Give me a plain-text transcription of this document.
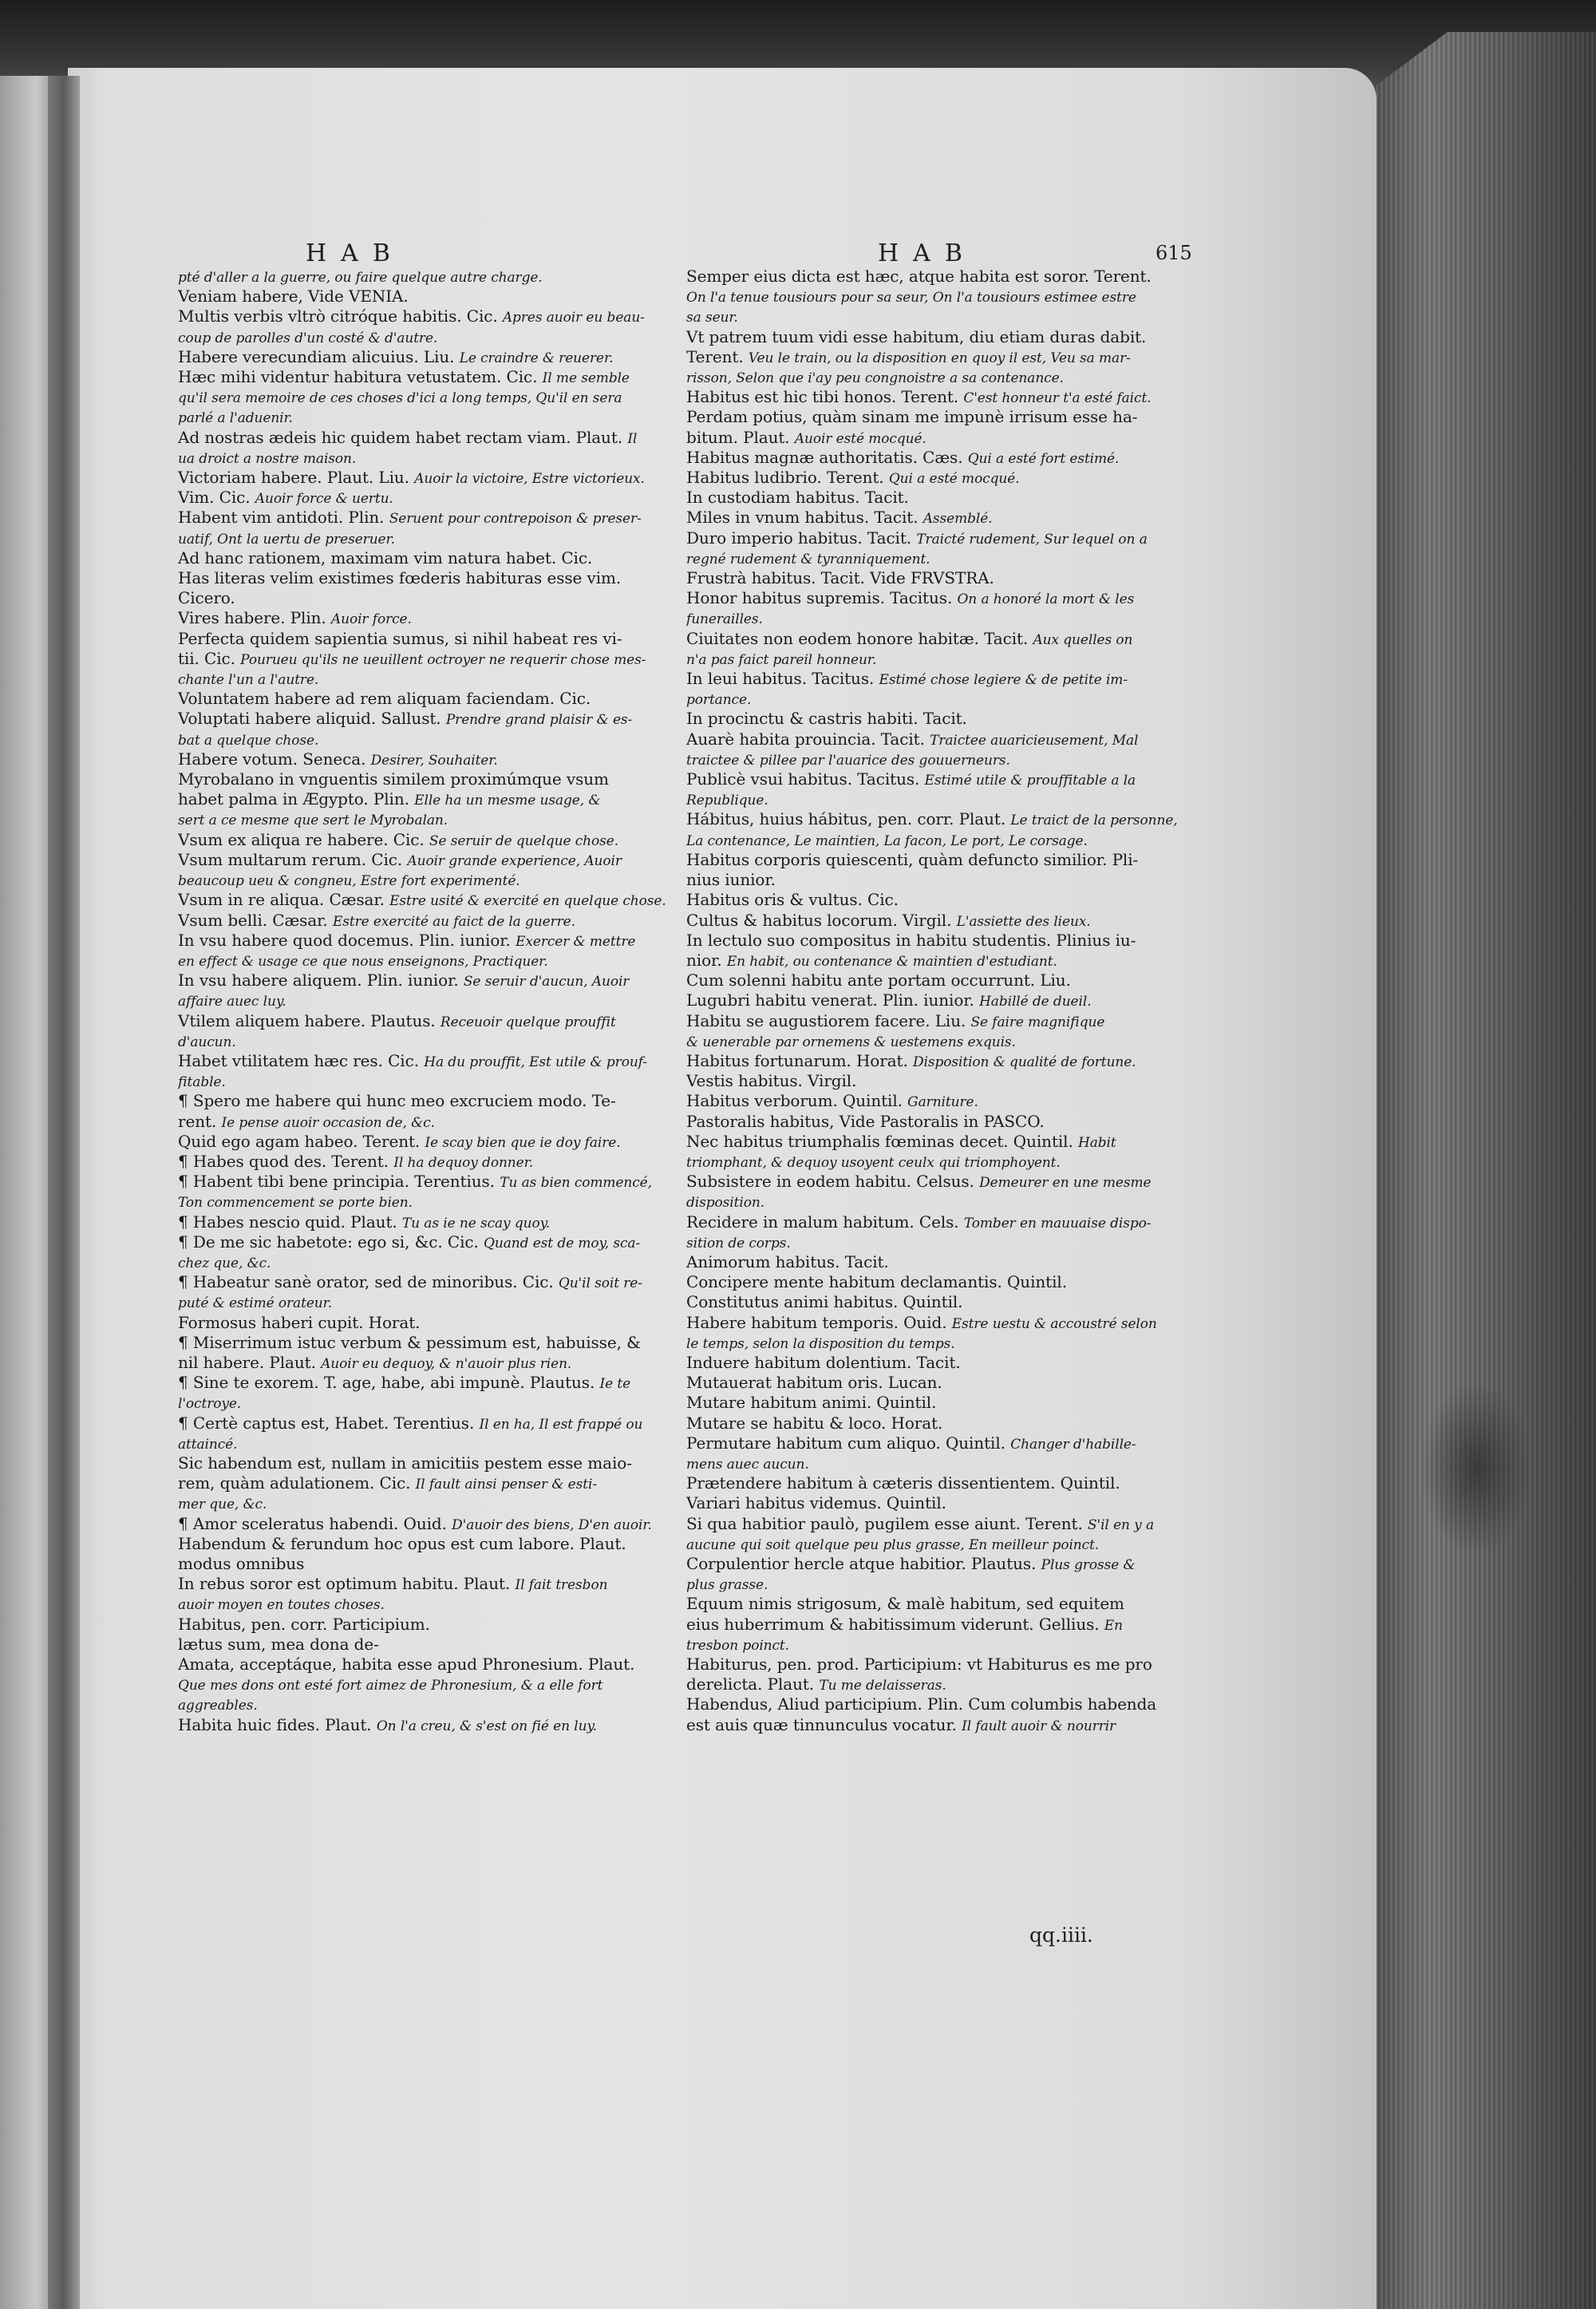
HAB	HAB	615

pté d'aller a la guerre, ou faire quelque autre charge.

Veniam habere, Vide VENIA.

Multis verbis vltrò citróque habitis. Cic. Apres auoir eu beau-

coup de parolles d'un costé & d'autre.

Habere verecundiam alicuius. Liu. Le craindre & reuerer.

Hæc mihi videntur habitura vetustatem. Cic. Il me semble

qu'il sera memoire de ces choses d'ici a long temps, Qu'il en sera

parlé a l'aduenir.

Ad nostras ædeis hic quidem habet rectam viam. Plaut. Il

ua droict a nostre maison.

Victoriam habere. Plaut. Liu. Auoir la victoire, Estre victorieux.

Vim. Cic. Auoir force & uertu.

Habent vim antidoti. Plin. Seruent pour contrepoison & preser-

uatif, Ont la uertu de preseruer.

Ad hanc rationem, maximam vim natura habet. Cic.

Has literas velim existimes fœderis habituras esse vim.

Cicero.

Vires habere. Plin. Auoir force.

Perfecta quidem sapientia sumus, si nihil habeat res vi-

tii. Cic. Pourueu qu'ils ne ueuillent octroyer ne requerir chose mes-

chante l'un a l'autre.

Voluntatem habere ad rem aliquam faciendam. Cic.

Voluptati habere aliquid. Sallust. Prendre grand plaisir & es-

bat a quelque chose.

Habere votum. Seneca. Desirer, Souhaiter.

Myrobalano in vnguentis similem proximúmque vsum

habet palma in Ægypto. Plin. Elle ha un mesme usage, &

sert a ce mesme que sert le Myrobalan.

Vsum ex aliqua re habere. Cic. Se seruir de quelque chose.

Vsum multarum rerum. Cic. Auoir grande experience, Auoir

beaucoup ueu & congneu, Estre fort experimenté.

Vsum in re aliqua. Cæsar. Estre usité & exercité en quelque chose.

Vsum belli. Cæsar. Estre exercité au faict de la guerre.

In vsu habere quod docemus. Plin. iunior. Exercer & mettre

en effect & usage ce que nous enseignons, Practiquer.

In vsu habere aliquem. Plin. iunior. Se seruir d'aucun, Auoir

affaire auec luy.

Vtilem aliquem habere. Plautus. Receuoir quelque prouffit

d'aucun.

Habet vtilitatem hæc res. Cic. Ha du prouffit, Est utile & prouf-

fitable.

¶ Spero me habere qui hunc meo excruciem modo. Te-

rent. Ie pense auoir occasion de, &c.

Quid ego agam habeo. Terent. Ie scay bien que ie doy faire.

¶ Habes quod des. Terent. Il ha dequoy donner.

¶ Habent tibi bene principia. Terentius. Tu as bien commencé,

Ton commencement se porte bien.

¶ Habes nescio quid. Plaut. Tu as ie ne scay quoy.

¶ De me sic habetote: ego si, &c. Cic. Quand est de moy, sca-

chez que, &c.

¶ Habeatur sanè orator, sed de minoribus. Cic. Qu'il soit re-

puté & estimé orateur.

Formosus haberi cupit. Horat.

¶ Miserrimum istuc verbum & pessimum est, habuisse, &

nil habere. Plaut. Auoir eu dequoy, & n'auoir plus rien.

¶ Sine te exorem. T. age, habe, abi impunè. Plautus. Ie te

l'octroye.

¶ Certè captus est, Habet. Terentius. Il en ha, Il est frappé ou

attaincé.

Sic habendum est, nullam in amicitiis pestem esse maio-

rem, quàm adulationem. Cic. Il fault ainsi penser & esti-

mer que, &c.

¶ Amor sceleratus habendi. Ouid. D'auoir des biens, D'en auoir.

Habendum & ferundum hoc opus est cum labore. Plaut.

modus omnibus

In rebus soror est optimum habitu. Plaut. Il fait tresbon

auoir moyen en toutes choses.

Habitus, pen. corr. Participium.

lætus sum, mea dona de-

Amata, acceptáque, habita esse apud Phronesium. Plaut.

Que mes dons ont esté fort aimez de Phronesium, & a elle fort

aggreables.

Habita huic fides. Plaut. On l'a creu, & s'est on fié en luy.

Semper eius dicta est hæc, atque habita est soror. Terent.

On l'a tenue tousiours pour sa seur, On l'a tousiours estimee estre

sa seur.

Vt patrem tuum vidi esse habitum, diu etiam duras dabit.

Terent. Veu le train, ou la disposition en quoy il est, Veu sa mar-

risson, Selon que i'ay peu congnoistre a sa contenance.

Habitus est hic tibi honos. Terent. C'est honneur t'a esté faict.

Perdam potius, quàm sinam me impunè irrisum esse ha-

bitum. Plaut. Auoir esté mocqué.

Habitus magnæ authoritatis. Cæs. Qui a esté fort estimé.

Habitus ludibrio. Terent. Qui a esté mocqué.

In custodiam habitus. Tacit.

Miles in vnum habitus. Tacit. Assemblé.

Duro imperio habitus. Tacit. Traicté rudement, Sur lequel on a

regné rudement & tyranniquement.

Frustrà habitus. Tacit. Vide FRVSTRA.

Honor habitus supremis. Tacitus. On a honoré la mort & les

funerailles.

Ciuitates non eodem honore habitæ. Tacit. Aux quelles on

n'a pas faict pareil honneur.

In leui habitus. Tacitus. Estimé chose legiere & de petite im-

portance.

In procinctu & castris habiti. Tacit.

Auarè habita prouincia. Tacit. Traictee auaricieusement, Mal

traictee & pillee par l'auarice des gouuerneurs.

Publicè vsui habitus. Tacitus. Estimé utile & prouffitable a la

Republique.

Hábitus, huius hábitus, pen. corr. Plaut. Le traict de la personne,

La contenance, Le maintien, La facon, Le port, Le corsage.

Habitus corporis quiescenti, quàm defuncto similior. Pli-

nius iunior.

Habitus oris & vultus. Cic.

Cultus & habitus locorum. Virgil. L'assiette des lieux.

In lectulo suo compositus in habitu studentis. Plinius iu-

nior. En habit, ou contenance & maintien d'estudiant.

Cum solenni habitu ante portam occurrunt. Liu.

Lugubri habitu venerat. Plin. iunior. Habillé de dueil.

Habitu se augustiorem facere. Liu. Se faire magnifique

& uenerable par ornemens & uestemens exquis.

Habitus fortunarum. Horat. Disposition & qualité de fortune.

Vestis habitus. Virgil.

Habitus verborum. Quintil. Garniture.

Pastoralis habitus, Vide Pastoralis in PASCO.

Nec habitus triumphalis fœminas decet. Quintil. Habit

triomphant, & dequoy usoyent ceulx qui triomphoyent.

Subsistere in eodem habitu. Celsus. Demeurer en une mesme

disposition.

Recidere in malum habitum. Cels. Tomber en mauuaise dispo-

sition de corps.

Animorum habitus. Tacit.

Concipere mente habitum declamantis. Quintil.

Constitutus animi habitus. Quintil.

Habere habitum temporis. Ouid. Estre uestu & accoustré selon

le temps, selon la disposition du temps.

Induere habitum dolentium. Tacit.

Mutauerat habitum oris. Lucan.

Mutare habitum animi. Quintil.

Mutare se habitu & loco. Horat.

Permutare habitum cum aliquo. Quintil. Changer d'habille-

mens auec aucun.

Prætendere habitum à cæteris dissentientem. Quintil.

Variari habitus videmus. Quintil.

Si qua habitior paulò, pugilem esse aiunt. Terent. S'il en y a

aucune qui soit quelque peu plus grasse, En meilleur poinct.

Corpulentior hercle atque habitior. Plautus. Plus grosse &

plus grasse.

Equum nimis strigosum, & malè habitum, sed equitem

eius huberrimum & habitissimum viderunt. Gellius. En

tresbon poinct.

Habiturus, pen. prod. Participium: vt Habiturus es me pro

derelicta. Plaut. Tu me delaisseras.

Habendus, Aliud participium. Plin. Cum columbis habenda

est auis quæ tinnunculus vocatur. Il fault auoir & nourrir

qq.iiii.
